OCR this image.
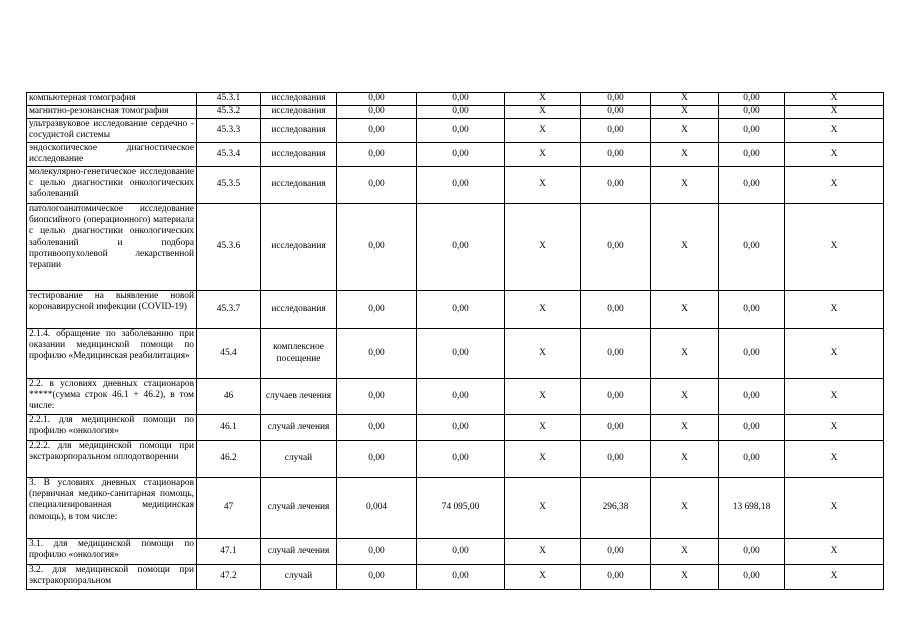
компьютерная томография	45.3.1	исследования	0,00	0,00	X	0,00	X	0,00	X
магнитно-резонансная томография	45.3.2	исследования	0,00	0,00	X	0,00	X	0,00	X
ультразвуковое исследование сердечно - сосудистой системы	45.3.3	исследования	0,00	0,00	X	0,00	X	0,00	X
эндоскопическое диагностическое исследование	45.3.4	исследования	0,00	0,00	X	0,00	X	0,00	X
молекулярно-генетическое исследование с целью диагностики онкологических заболеваний	45.3.5	исследования	0,00	0,00	X	0,00	X	0,00	X
патологоанатомическое исследование биопсийного (операционного) материала с целью диагностики онкологических заболеваний и подбора противоопухолевой лекарственной терапии	45.3.6	исследования	0,00	0,00	X	0,00	X	0,00	X
тестирование на выявление новой коронавирусной инфекции (COVID-19)	45.3.7	исследования	0,00	0,00	X	0,00	X	0,00	X
2.1.4. обращение по заболеванию при оказании медицинской помощи по профилю «Медицинская реабилитация»	45.4	комплексное посещение	0,00	0,00	X	0,00	X	0,00	X
2.2. в условиях дневных стационаров *****(сумма строк 46.1 + 46.2), в том числе:	46	случаев лечения	0,00	0,00	X	0,00	X	0,00	X
2.2.1. для медицинской помощи по профилю «онкология»	46.1	случай лечения	0,00	0,00	X	0,00	X	0,00	X
2.2.2. для медицинской помощи при экстракорпоральном оплодотворении	46.2	случай	0,00	0,00	X	0,00	X	0,00	X
3. В условиях дневных стационаров (первичная медико-санитарная помощь, специализированная медицинская помощь), в том числе:	47	случай лечения	0,004	74 095,00	X	296,38	X	13 698,18	X
3.1. для медицинской помощи по профилю «онкология»	47.1	случай лечения	0,00	0,00	X	0,00	X	0,00	X
3.2. для медицинской помощи при экстракорпоральном	47.2	случай	0,00	0,00	X	0,00	X	0,00	X
